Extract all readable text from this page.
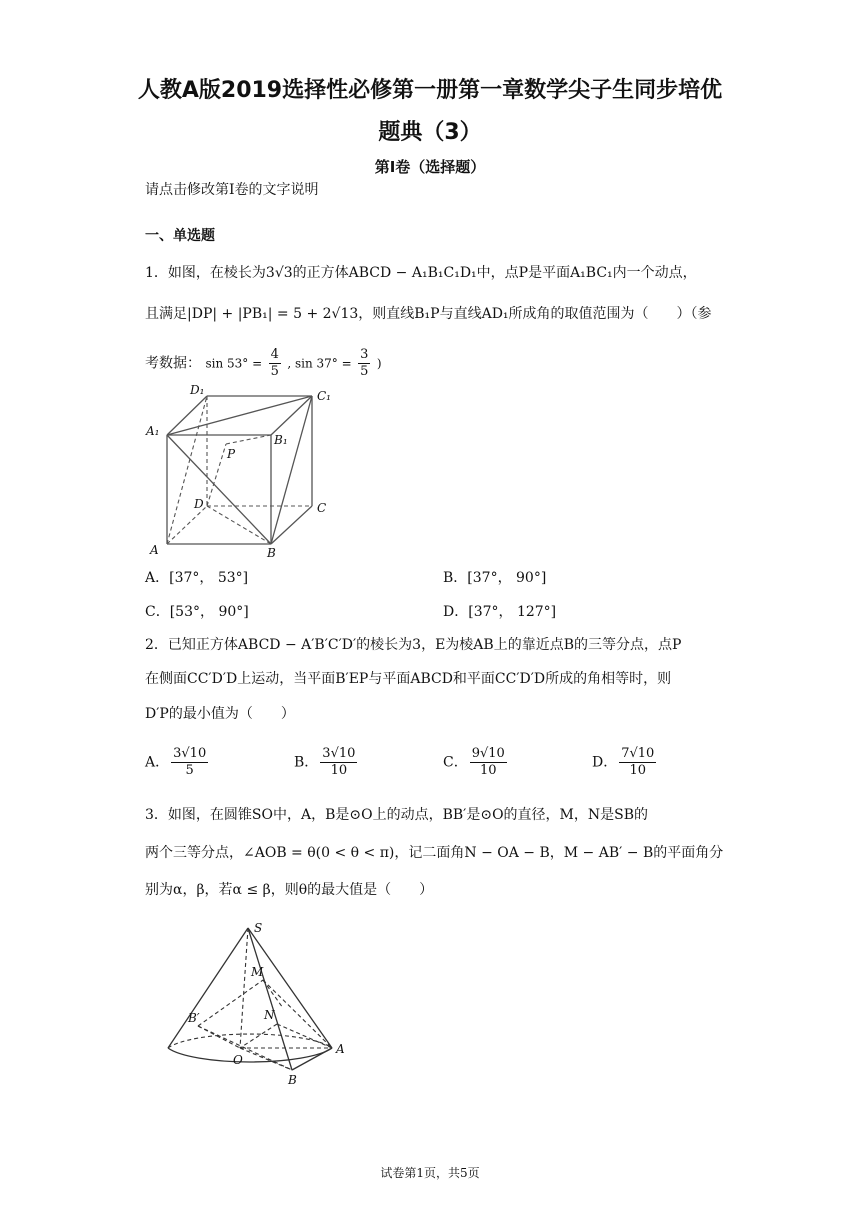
人教A版2019选择性必修第一册第一章数学尖子生同步培优
题典（3）
第I卷（选择题）
请点击修改第I卷的文字说明
一、单选题
1．如图，在棱长为3√3的正方体ABCD − A₁B₁C₁D₁中，点P是平面A₁BC₁内一个动点，
且满足|DP| + |PB₁| = 5 + 2√13，则直线B₁P与直线AD₁所成角的取值范围为（　　）（参
考数据： $\sin 53^\circ = \frac{4}{5}$ , $\sin 37^\circ = \frac{3}{5}$ )
D₁	C₁
A₁
B₁
P
D	C
A	B
A．[37°， 53°]	B．[37°， 90°]
C．[53°， 90°]	D．[37°， 127°]
2．已知正方体ABCD − A′B′C′D′的棱长为3，E为棱AB上的靠近点B的三等分点，点P
在侧面CC′D′D上运动，当平面B′EP与平面ABCD和平面CC′D′D所成的角相等时，则
D′P的最小值为（　　）
A． $\frac{3√10}{5}$	B． $\frac{3√10}{10}$	C． $\frac{9√10}{10}$	D． $\frac{7√10}{10}$
3．如图，在圆锥SO中，A，B是⊙O上的动点，BB′是⊙O的直径，M，N是SB的
两个三等分点，∠AOB = θ(0 < θ < π)，记二面角N − OA − B，M − AB′ − B的平面角分
别为α，β，若α ≤ β，则θ的最大值是（　　）
S
M
B′	N
O
A
B
试卷第1页，共5页
